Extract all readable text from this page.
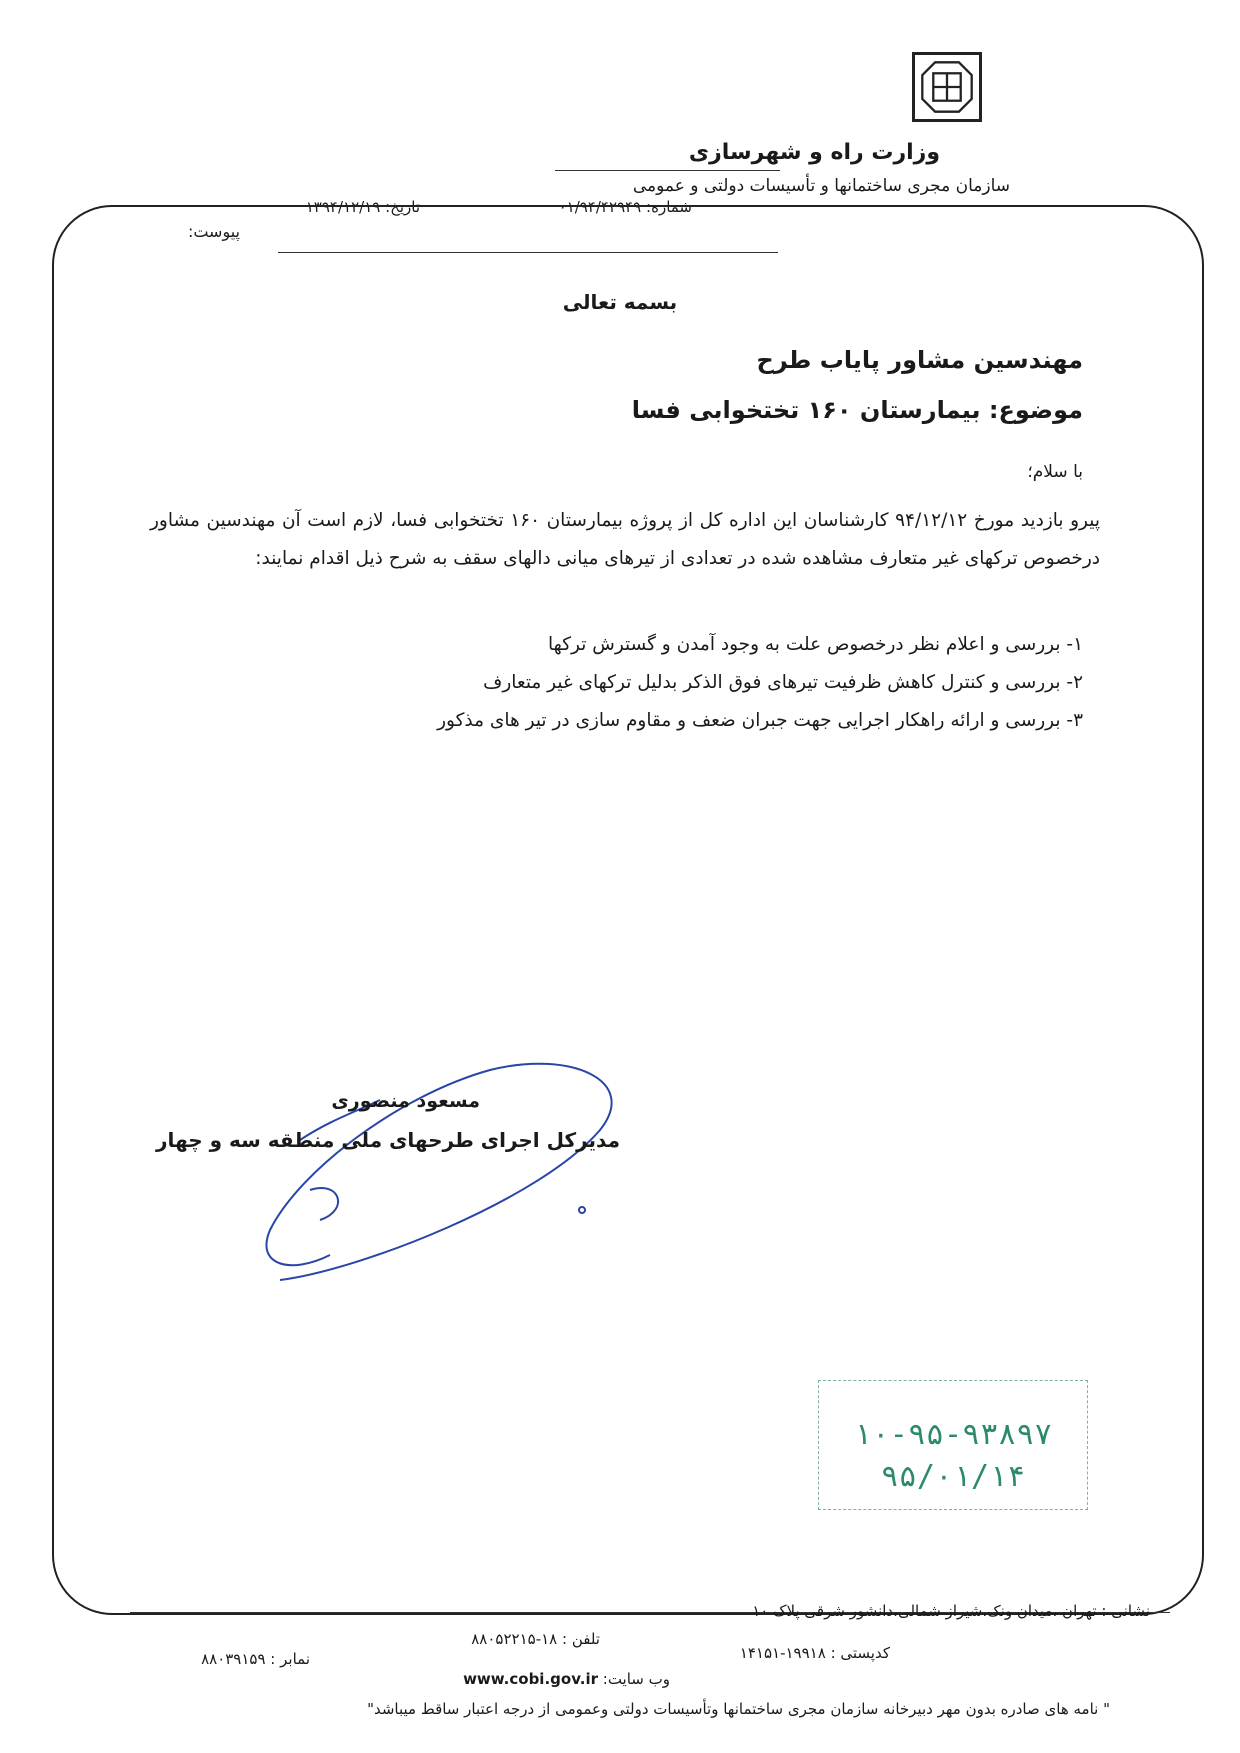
وزارت راه و شهرسازی
سازمان مجری ساختمانها و تأسیسات دولتی و عمومی
شماره: ۰۱/۹۴/۴۲۹۴۹
تاریخ: ۱۳۹۴/۱۲/۱۹
پیوست:
بسمه تعالی
مهندسین مشاور پایاب طرح
موضوع: بیمارستان ۱۶۰ تختخوابی فسا
با سلام؛
پیرو بازدید مورخ ۹۴/۱۲/۱۲ کارشناسان این اداره کل از پروژه بیمارستان ۱۶۰ تختخوابی فسا، لازم است آن مهندسین مشاور درخصوص ترکهای غیر متعارف مشاهده شده در تعدادی از تیرهای میانی دالهای سقف به شرح ذیل اقدام نمایند:
۱- بررسی و اعلام نظر درخصوص علت به وجود آمدن و گسترش ترکها
۲- بررسی و کنترل کاهش ظرفیت تیرهای فوق الذکر بدلیل ترکهای غیر متعارف
۳- بررسی و ارائه راهکار اجرایی جهت جبران ضعف و مقاوم سازی در تیر های مذکور
مسعود منصوری
مدیرکل اجرای طرحهای ملی منطقه سه و چهار
۱۰-۹۵-۹۳۸۹۷
۹۵/۰۱/۱۴
نشانی : تهران ،میدان ونک،شیراز شمالی،دانشور شرقی پلاک ۱۰
تلفن : ۱۸-۸۸۰۵۲۲۱۵
کدپستی : ۱۹۹۱۸-۱۴۱۵۱
نمابر : ۸۸۰۳۹۱۵۹
وب سایت: www.cobi.gov.ir
" نامه های صادره بدون مهر دبیرخانه سازمان مجری ساختمانها وتأسیسات دولتی وعمومی از درجه اعتبار ساقط میباشد"
